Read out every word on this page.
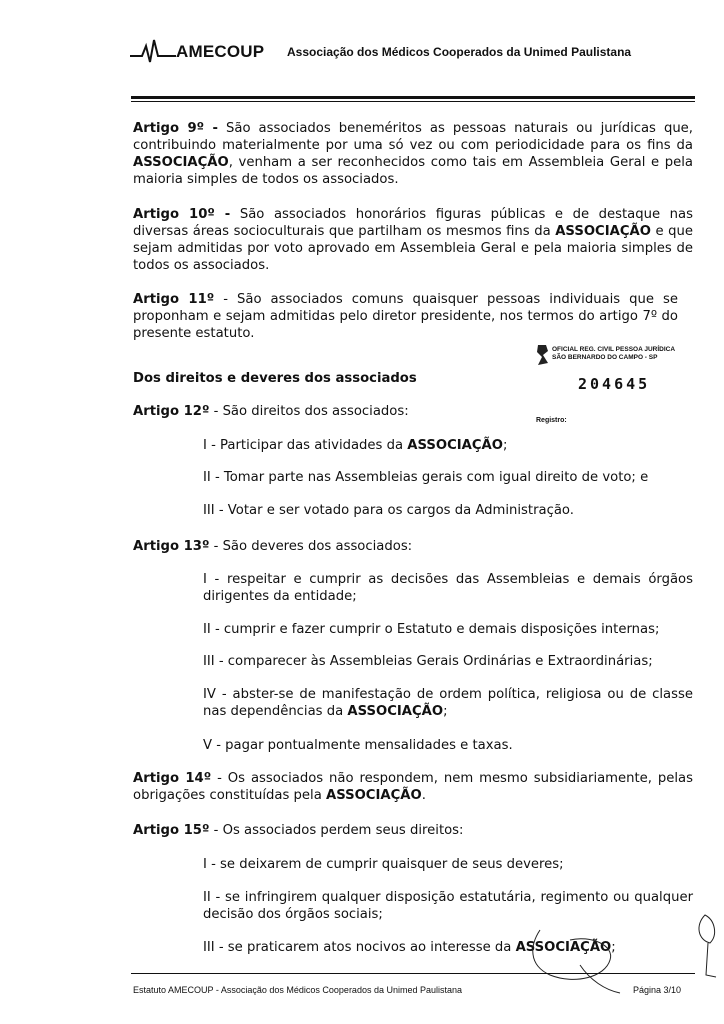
AMECOUP Associação dos Médicos Cooperados da Unimed Paulistana
Artigo 9º - São associados beneméritos as pessoas naturais ou jurídicas que, contribuindo materialmente por uma só vez ou com periodicidade para os fins da ASSOCIAÇÃO, venham a ser reconhecidos como tais em Assembleia Geral e pela maioria simples de todos os associados.
Artigo 10º - São associados honorários figuras públicas e de destaque nas diversas áreas socioculturais que partilham os mesmos fins da ASSOCIAÇÃO e que sejam admitidas por voto aprovado em Assembleia Geral e pela maioria simples de todos os associados.
Artigo 11º - São associados comuns quaisquer pessoas individuais que se proponham e sejam admitidas pelo diretor presidente, nos termos do artigo 7º do presente estatuto.
OFICIAL REG. CIVIL PESSOA JURÍDICA
SÃO BERNARDO DO CAMPO - SP
204645
Registro:
Dos direitos e deveres dos associados
Artigo 12º - São direitos dos associados:
I - Participar das atividades da ASSOCIAÇÃO;
II - Tomar parte nas Assembleias gerais com igual direito de voto; e
III - Votar e ser votado para os cargos da Administração.
Artigo 13º - São deveres dos associados:
I - respeitar e cumprir as decisões das Assembleias e demais órgãos dirigentes da entidade;
II - cumprir e fazer cumprir o Estatuto e demais disposições internas;
III - comparecer às Assembleias Gerais Ordinárias e Extraordinárias;
IV - abster-se de manifestação de ordem política, religiosa ou de classe nas dependências da ASSOCIAÇÃO;
V - pagar pontualmente mensalidades e taxas.
Artigo 14º - Os associados não respondem, nem mesmo subsidiariamente, pelas obrigações constituídas pela ASSOCIAÇÃO.
Artigo 15º - Os associados perdem seus direitos:
I - se deixarem de cumprir quaisquer de seus deveres;
II - se infringirem qualquer disposição estatutária, regimento ou qualquer decisão dos órgãos sociais;
III - se praticarem atos nocivos ao interesse da ASSOCIAÇÃO;
Estatuto AMECOUP - Associação dos Médicos Cooperados da Unimed Paulistana	Página 3/10
